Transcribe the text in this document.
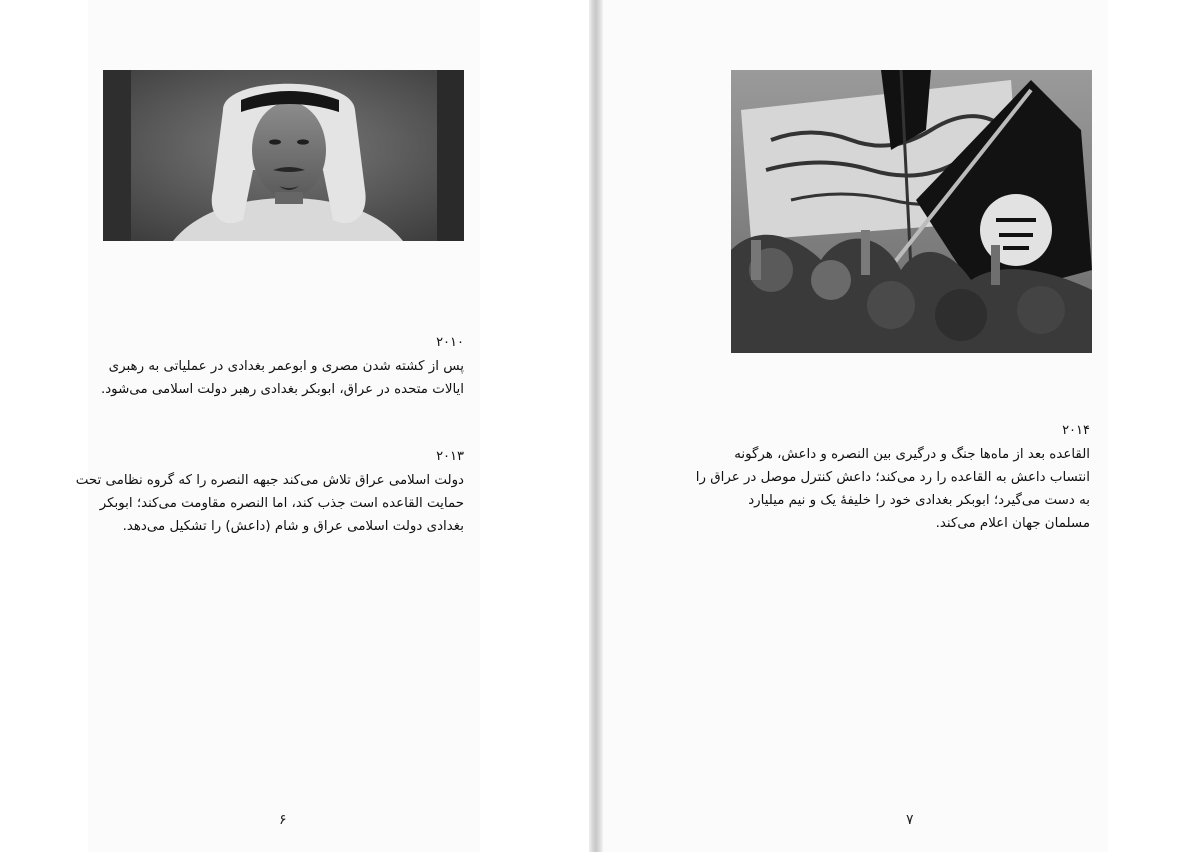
۲۰۱۰
پس از کشته شدن مصری و ابوعمر بغدادی در عملیاتی به رهبری
ایالات متحده در عراق، ابوبکر بغدادی رهبر دولت اسلامی می‌شود.
۲۰۱۳
دولت اسلامی عراق تلاش می‌کند جبهه النصره را که گروه نظامی تحت
حمایت القاعده است جذب کند، اما النصره مقاومت می‌کند؛ ابوبکر
بغدادی دولت اسلامی عراق و شام (داعش) را تشکیل می‌دهد.
۶
۲۰۱۴
القاعده بعد از ماه‌ها جنگ و درگیری بین النصره و داعش، هرگونه
انتساب داعش به القاعده را رد می‌کند؛ داعش کنترل موصل در عراق را
به دست می‌گیرد؛ ابوبکر بغدادی خود را خلیفهٔ یک و نیم میلیارد
مسلمان جهان اعلام می‌کند.
۷
